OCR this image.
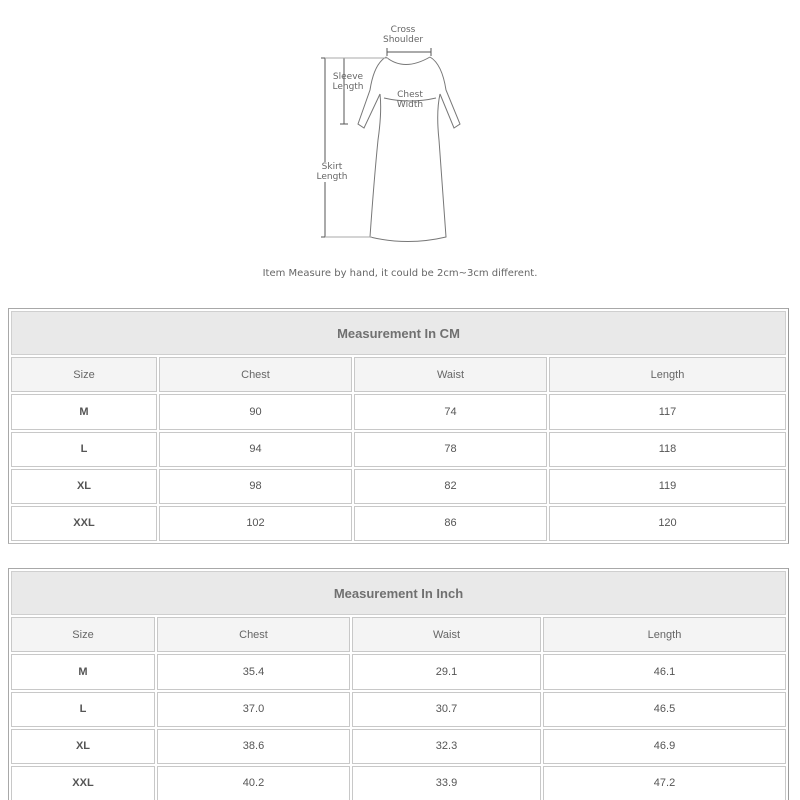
Cross
Shoulder
Sleeve
Length
Chest
Width
Skirt
Length
Item Measure by hand, it could be 2cm~3cm different.
Measurement In CM			
Size	Chest	Waist	Length
M	90	74	117
L	94	78	118
XL	98	82	119
XXL	102	86	120
Measurement In Inch			
Size	Chest	Waist	Length
M	35.4	29.1	46.1
L	37.0	30.7	46.5
XL	38.6	32.3	46.9
XXL	40.2	33.9	47.2
